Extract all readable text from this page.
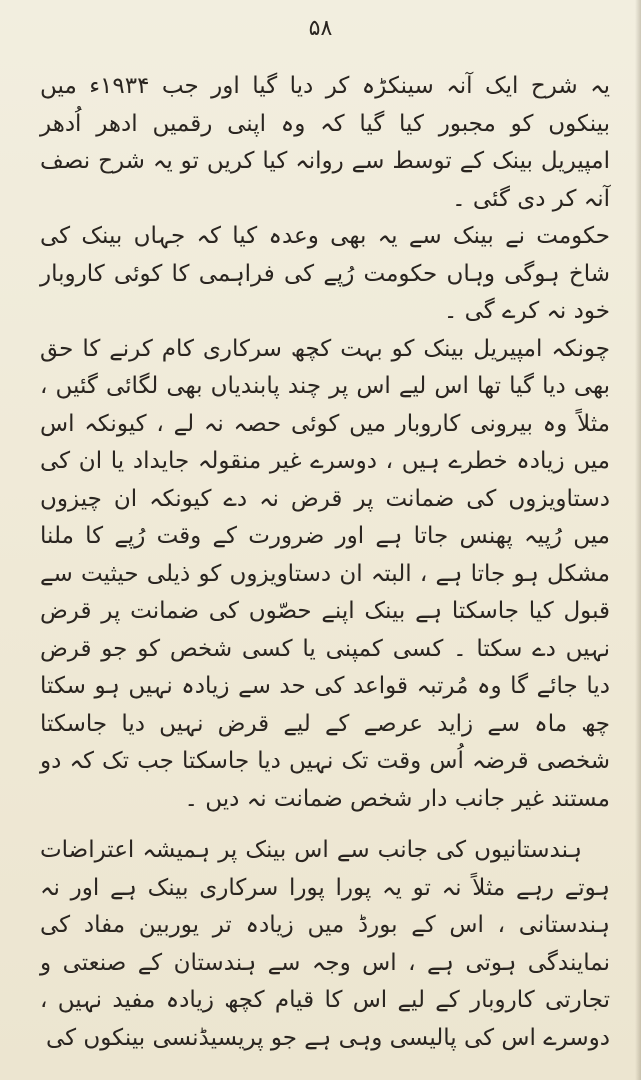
۵۸

یہ شرح ایک آنہ سینکڑہ کر دیا گیا اور جب ۱۹۳۴ء میں بینکوں کو مجبور کیا گیا کہ وہ اپنی رقمیں ادھر اُدھر امپیریل بینک کے توسط سے روانہ کیا کریں تو یہ شرح نصف آنہ کر دی گئی ۔

حکومت نے بینک سے یہ بھی وعدہ کیا کہ جہاں بینک کی شاخ ہوگی وہاں حکومت رُپے کی فراہمی کا کوئی کاروبار خود نہ کرے گی ۔

چونکہ امپیریل بینک کو بہت کچھ سرکاری کام کرنے کا حق بھی دیا گیا تھا اس لیے اس پر چند پابندیاں بھی لگائی گئیں ، مثلاً وہ بیرونی کاروبار میں کوئی حصہ نہ لے ، کیونکہ اس میں زیادہ خطرے ہیں ، دوسرے غیر منقولہ جایداد یا ان کی دستاویزوں کی ضمانت پر قرض نہ دے کیونکہ ان چیزوں میں رُپیہ پھنس جاتا ہے اور ضرورت کے وقت رُپے کا ملنا مشکل ہو جاتا ہے ، البتہ ان دستاویزوں کو ذیلی حیثیت سے قبول کیا جاسکتا ہے بینک اپنے حصّوں کی ضمانت پر قرض نہیں دے سکتا ۔ کسی کمپنی یا کسی شخص کو جو قرض دیا جائے گا وہ مُرتبہ قواعد کی حد سے زیادہ نہیں ہو سکتا چھ ماہ سے زاید عرصے کے لیے قرض نہیں دیا جاسکتا شخصی قرضہ اُس وقت تک نہیں دیا جاسکتا جب تک کہ دو مستند غیر جانب دار شخص ضمانت نہ دیں ۔

ہندستانیوں کی جانب سے اس بینک پر ہمیشہ اعتراضات ہوتے رہے مثلاً نہ تو یہ پورا پورا سرکاری بینک ہے اور نہ ہندستانی ، اس کے بورڈ میں زیادہ تر یوربین مفاد کی نمایندگی ہوتی ہے ، اس وجہ سے ہندستان کے صنعتی و تجارتی کاروبار کے لیے اس کا قیام کچھ زیادہ مفید نہیں ، دوسرے اس کی پالیسی وہی ہے جو پریسیڈنسی بینکوں کی
